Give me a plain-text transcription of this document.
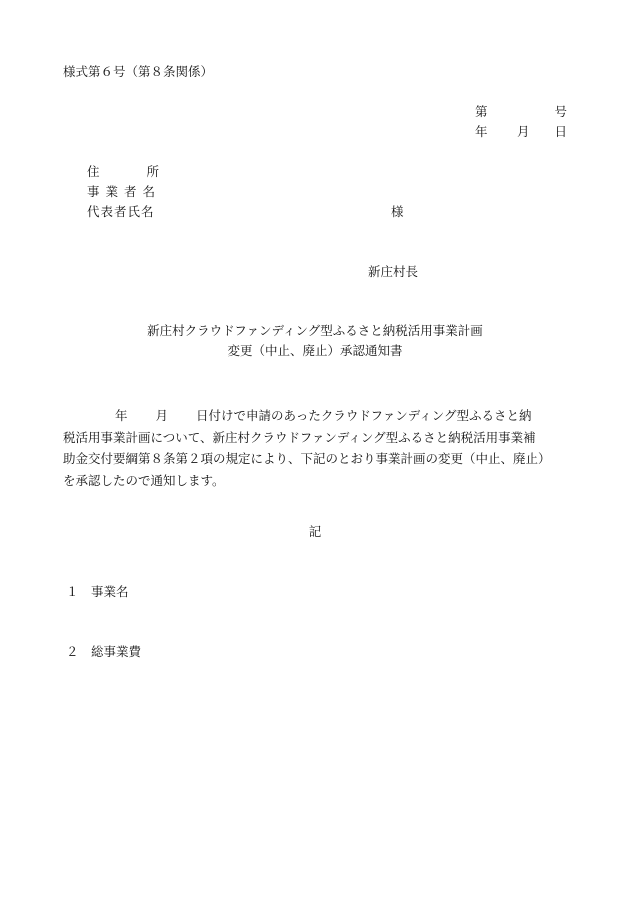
様式第６号（第８条関係）
第	号
年 月 日
住	所
事業者名
代表者氏名	様
新庄村長
新庄村クラウドファンディング型ふるさと納税活用事業計画
変更（中止、廃止）承認通知書
年 月 日付けで申請のあったクラウドファンディング型ふるさと納
税活用事業計画について、新庄村クラウドファンディング型ふるさと納税活用事業補
助金交付要綱第８条第２項の規定により、下記のとおり事業計画の変更（中止、廃止）
を承認したので通知します。
記
１ 事業名
２ 総事業費
